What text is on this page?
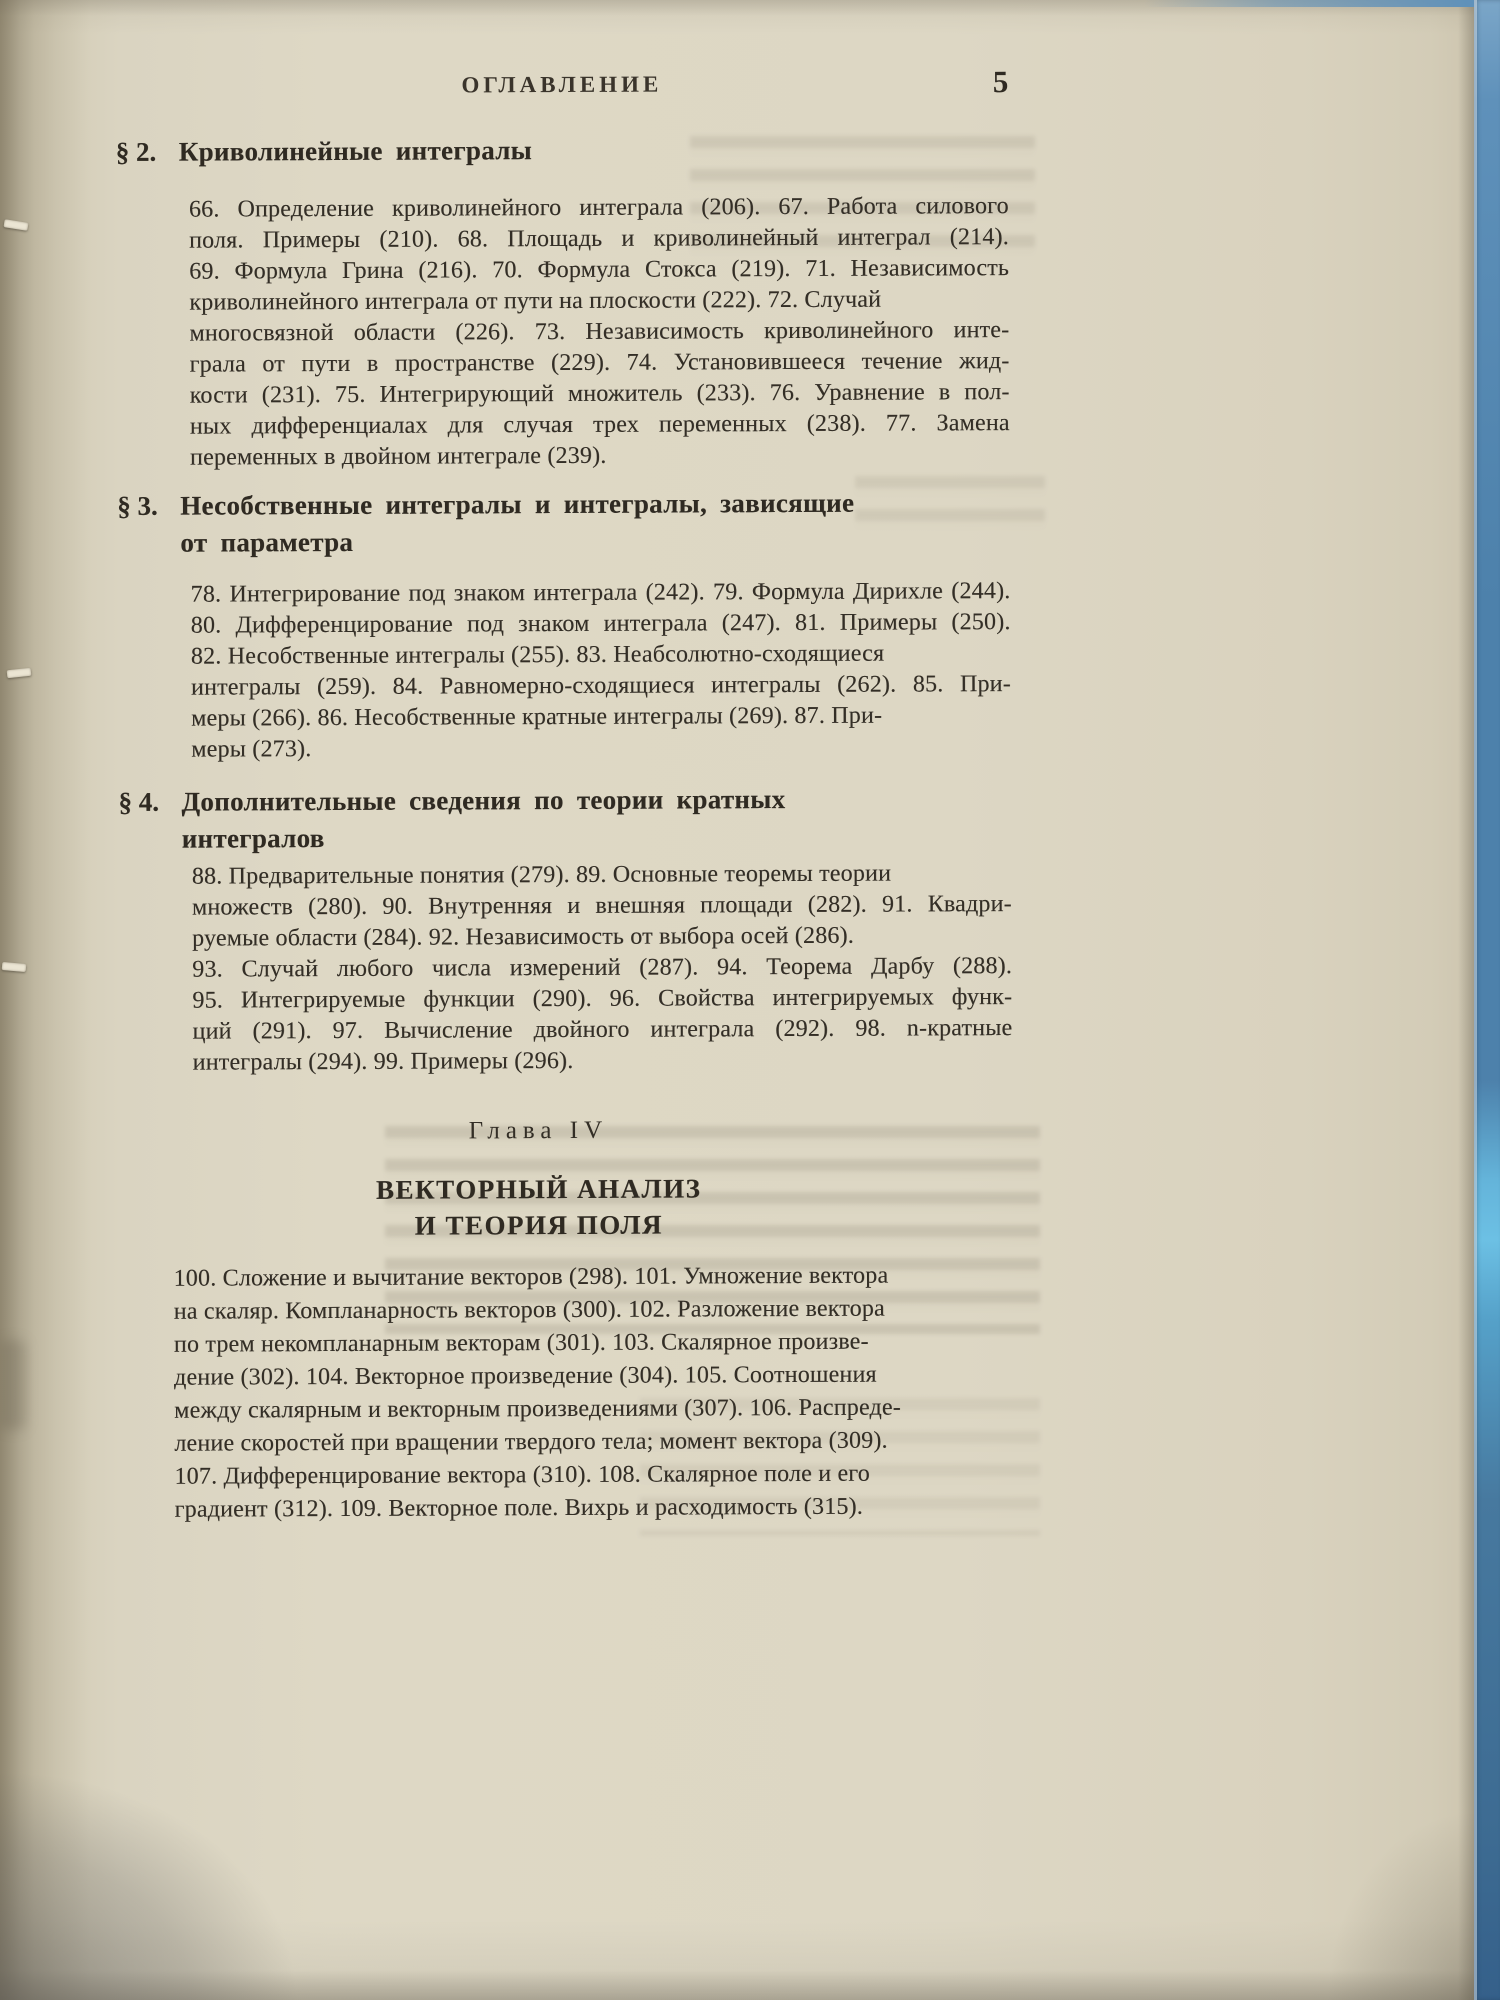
ОГЛАВЛЕНИЕ	5
§ 2. Криволинейные интегралы
66. Определение криволинейного интеграла (206). 67. Работа силового
поля. Примеры (210). 68. Площадь и криволинейный интеграл (214).
69. Формула Грина (216). 70. Формула Стокса (219). 71. Независимость
криволинейного интеграла от пути на плоскости (222). 72. Случай
многосвязной области (226). 73. Независимость криволинейного инте-
грала от пути в пространстве (229). 74. Установившееся течение жид-
кости (231). 75. Интегрирующий множитель (233). 76. Уравнение в пол-
ных дифференциалах для случая трех переменных (238). 77. Замена
переменных в двойном интеграле (239).
§ 3. Несобственные интегралы и интегралы, зависящие
от параметра
78. Интегрирование под знаком интеграла (242). 79. Формула Дирихле (244).
80. Дифференцирование под знаком интеграла (247). 81. Примеры (250).
82. Несобственные интегралы (255). 83. Неабсолютно-сходящиеся
интегралы (259). 84. Равномерно-сходящиеся интегралы (262). 85. При-
меры (266). 86. Несобственные кратные интегралы (269). 87. При-
меры (273).
§ 4. Дополнительные сведения по теории кратных
интегралов
88. Предварительные понятия (279). 89. Основные теоремы теории
множеств (280). 90. Внутренняя и внешняя площади (282). 91. Квадри-
руемые области (284). 92. Независимость от выбора осей (286).
93. Случай любого числа измерений (287). 94. Теорема Дарбу (288).
95. Интегрируемые функции (290). 96. Свойства интегрируемых функ-
ций (291). 97. Вычисление двойного интеграла (292). 98. n-кратные
интегралы (294). 99. Примеры (296).
Глава IV
ВЕКТОРНЫЙ АНАЛИЗ
И ТЕОРИЯ ПОЛЯ
100. Сложение и вычитание векторов (298). 101. Умножение вектора
на скаляр. Компланарность векторов (300). 102. Разложение вектора
по трем некомпланарным векторам (301). 103. Скалярное произве-
дение (302). 104. Векторное произведение (304). 105. Соотношения
между скалярным и векторным произведениями (307). 106. Распреде-
ление скоростей при вращении твердого тела; момент вектора (309).
107. Дифференцирование вектора (310). 108. Скалярное поле и его
градиент (312). 109. Векторное поле. Вихрь и расходимость (315).
